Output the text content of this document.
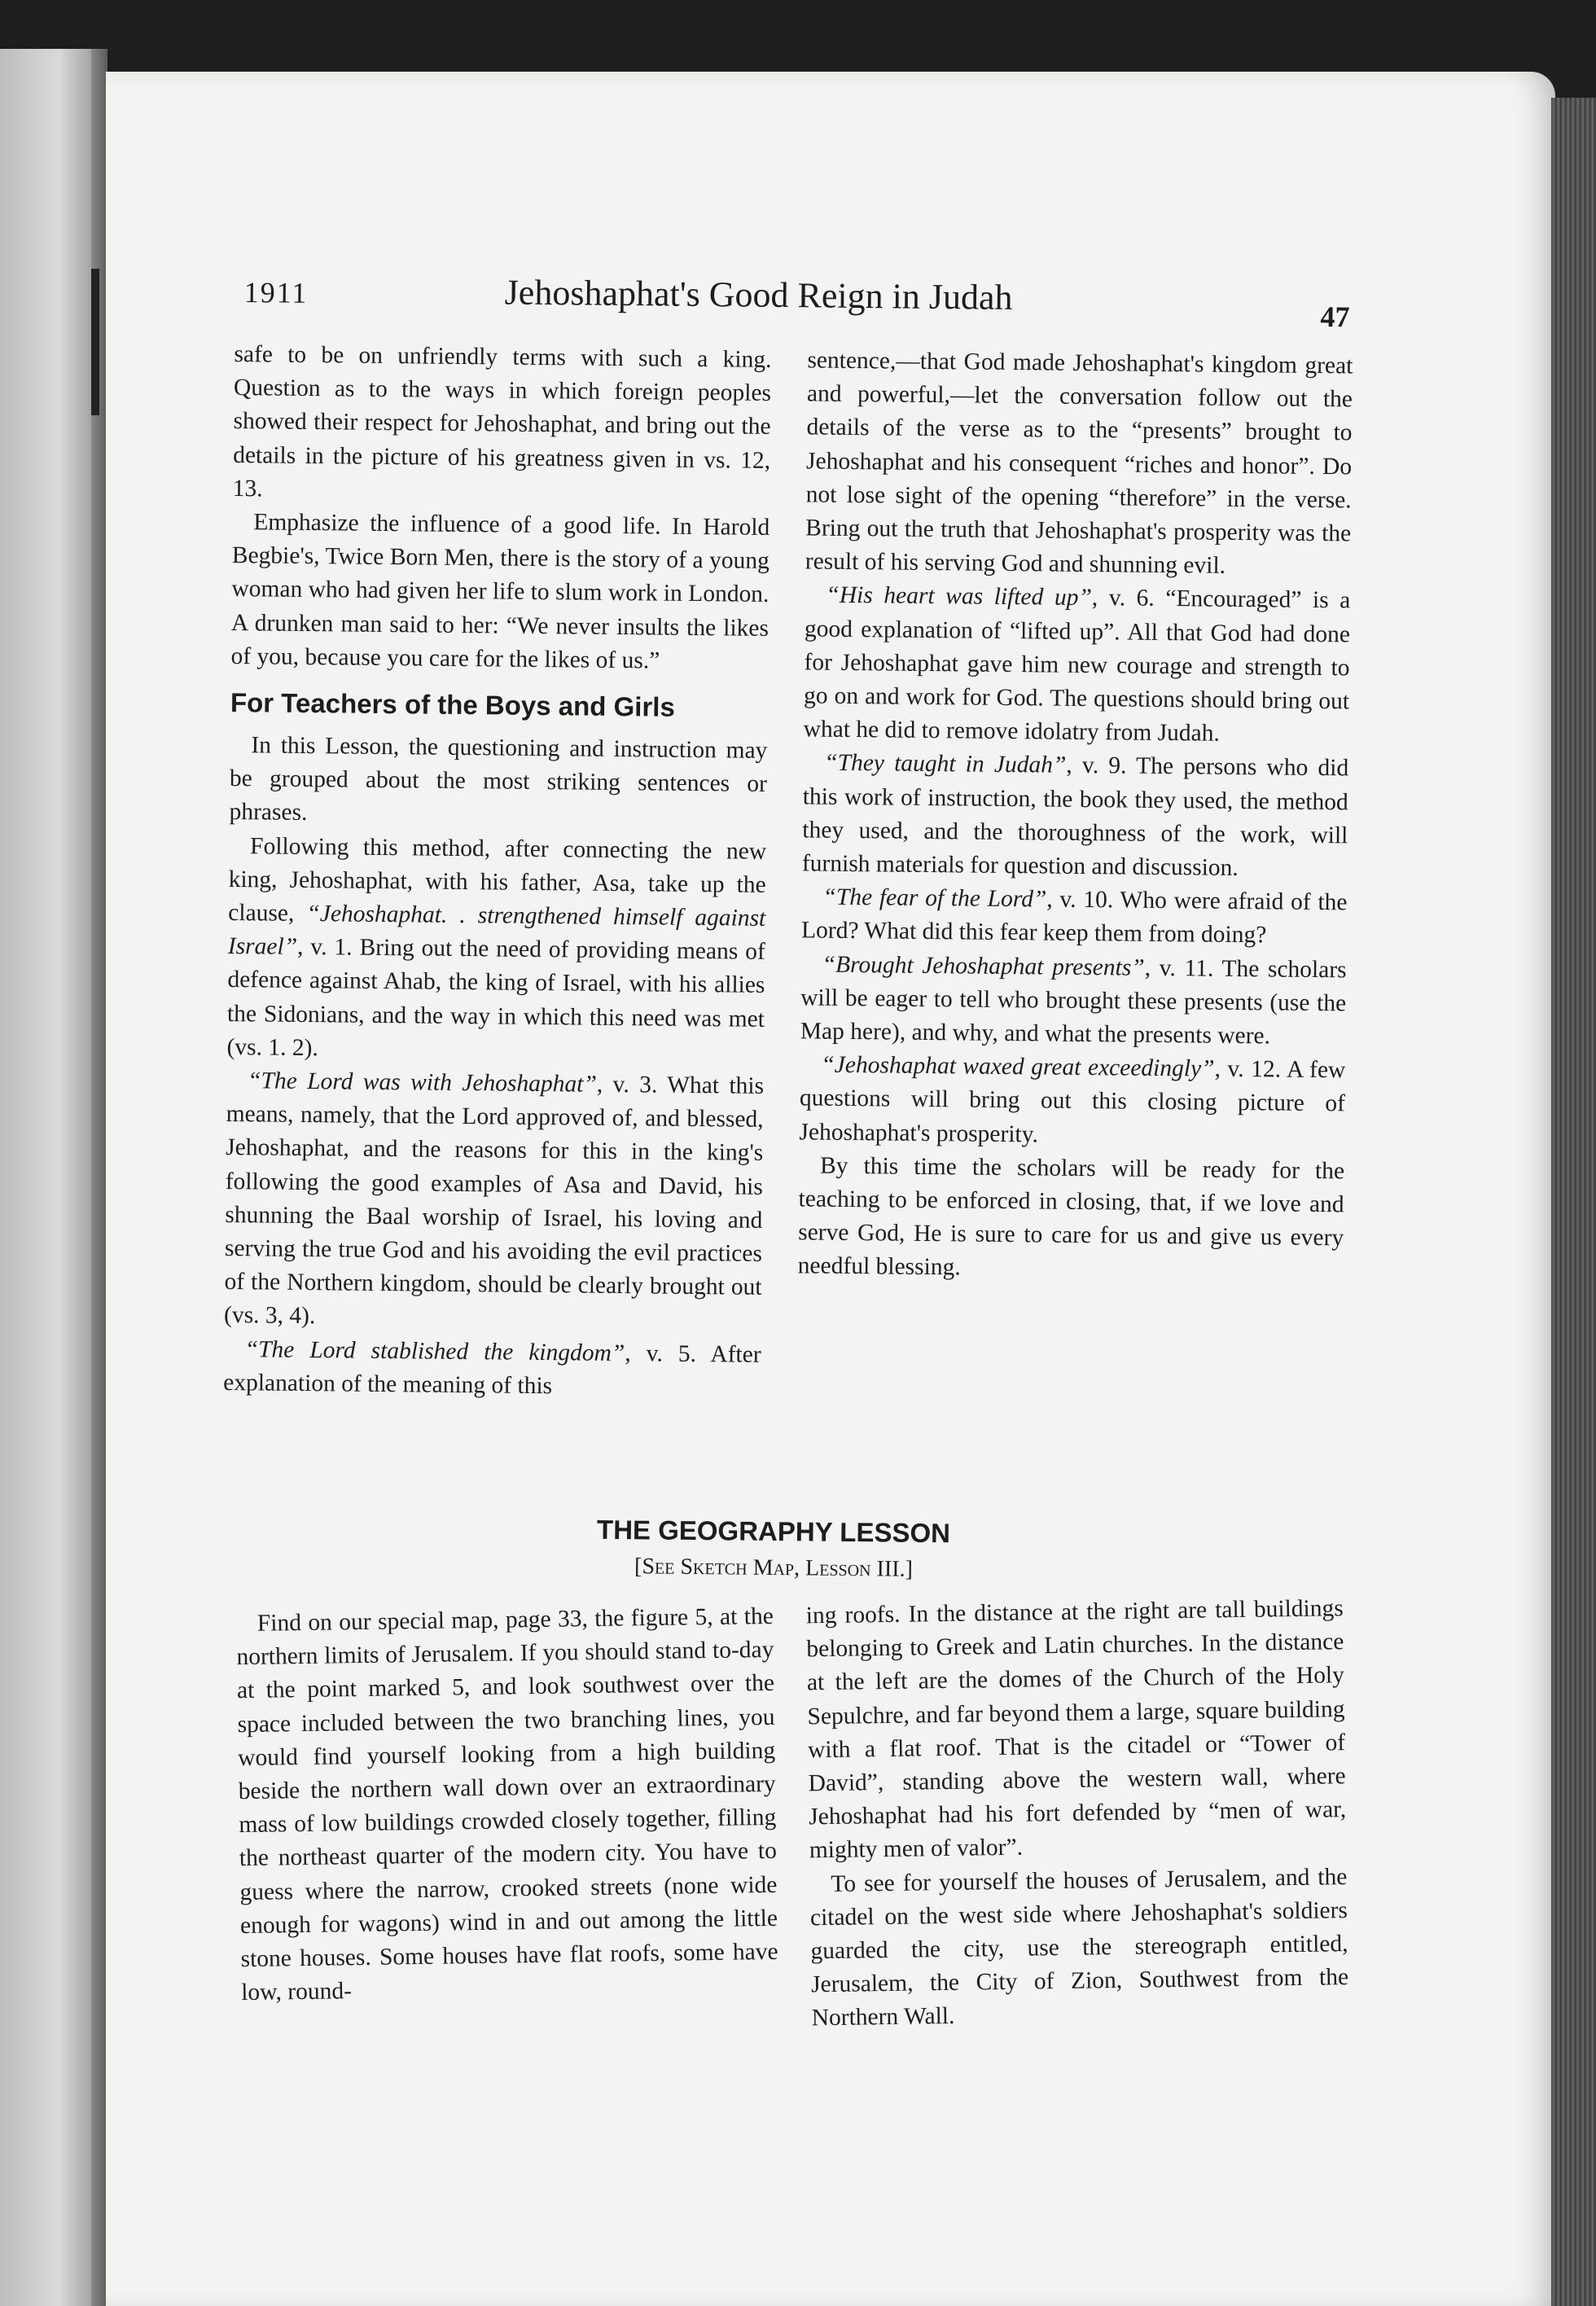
1911	Jehoshaphat's Good Reign in Judah	47

safe to be on unfriendly terms with such a king. Question as to the ways in which foreign peoples showed their respect for Jehoshaphat, and bring out the details in the picture of his greatness given in vs. 12, 13.

Emphasize the influence of a good life. In Harold Begbie's, Twice Born Men, there is the story of a young woman who had given her life to slum work in London. A drunken man said to her: “We never insults the likes of you, because you care for the likes of us.”

For Teachers of the Boys and Girls

In this Lesson, the questioning and instruction may be grouped about the most striking sentences or phrases.

Following this method, after connecting the new king, Jehoshaphat, with his father, Asa, take up the clause, “Jehoshaphat. . strengthened himself against Israel”, v. 1. Bring out the need of providing means of defence against Ahab, the king of Israel, with his allies the Sidonians, and the way in which this need was met (vs. 1. 2).

“The Lord was with Jehoshaphat”, v. 3. What this means, namely, that the Lord approved of, and blessed, Jehoshaphat, and the reasons for this in the king's following the good examples of Asa and David, his shunning the Baal worship of Israel, his loving and serving the true God and his avoiding the evil practices of the Northern kingdom, should be clearly brought out (vs. 3, 4).

“The Lord stablished the kingdom”, v. 5. After explanation of the meaning of this

sentence,—that God made Jehoshaphat's kingdom great and powerful,—let the conversation follow out the details of the verse as to the “presents” brought to Jehoshaphat and his consequent “riches and honor”. Do not lose sight of the opening “therefore” in the verse. Bring out the truth that Jehoshaphat's prosperity was the result of his serving God and shunning evil.

“His heart was lifted up”, v. 6. “Encouraged” is a good explanation of “lifted up”. All that God had done for Jehoshaphat gave him new courage and strength to go on and work for God. The questions should bring out what he did to remove idolatry from Judah.

“They taught in Judah”, v. 9. The persons who did this work of instruction, the book they used, the method they used, and the thoroughness of the work, will furnish materials for question and discussion.

“The fear of the Lord”, v. 10. Who were afraid of the Lord? What did this fear keep them from doing?

“Brought Jehoshaphat presents”, v. 11. The scholars will be eager to tell who brought these presents (use the Map here), and why, and what the presents were.

“Jehoshaphat waxed great exceedingly”, v. 12. A few questions will bring out this closing picture of Jehoshaphat's prosperity.

By this time the scholars will be ready for the teaching to be enforced in closing, that, if we love and serve God, He is sure to care for us and give us every needful blessing.

THE GEOGRAPHY LESSON
[See Sketch Map, Lesson III.]

Find on our special map, page 33, the figure 5, at the northern limits of Jerusalem. If you should stand to-day at the point marked 5, and look southwest over the space included between the two branching lines, you would find yourself looking from a high building beside the northern wall down over an extraordinary mass of low buildings crowded closely together, filling the northeast quarter of the modern city. You have to guess where the narrow, crooked streets (none wide enough for wagons) wind in and out among the little stone houses. Some houses have flat roofs, some have low, round-

ing roofs. In the distance at the right are tall buildings belonging to Greek and Latin churches. In the distance at the left are the domes of the Church of the Holy Sepulchre, and far beyond them a large, square building with a flat roof. That is the citadel or “Tower of David”, standing above the western wall, where Jehoshaphat had his fort defended by “men of war, mighty men of valor”.

To see for yourself the houses of Jerusalem, and the citadel on the west side where Jehoshaphat's soldiers guarded the city, use the stereograph entitled, Jerusalem, the City of Zion, Southwest from the Northern Wall.
